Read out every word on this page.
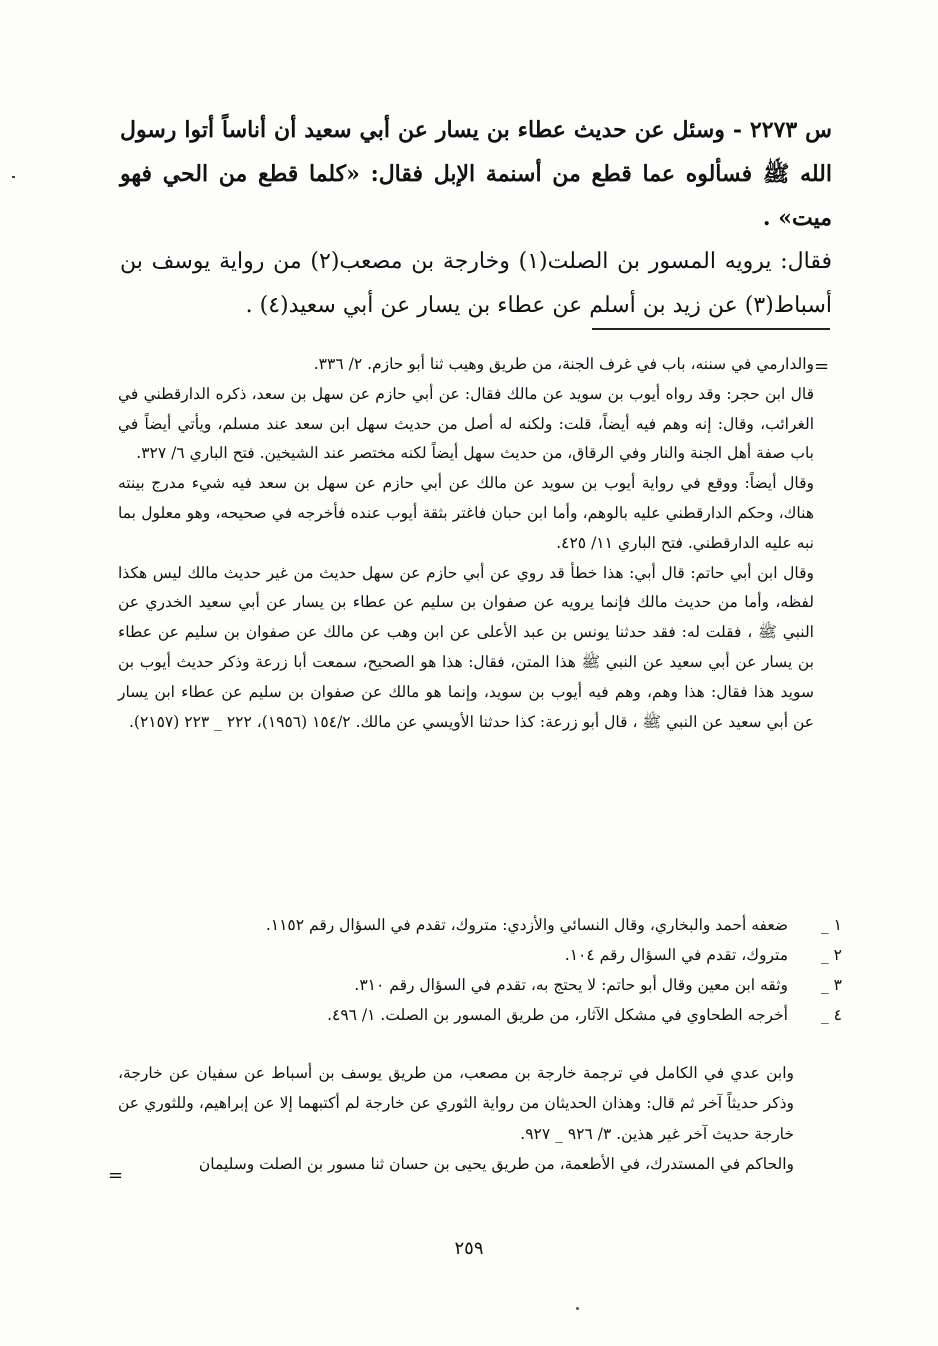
س ٢٢٧٣ - وسئل عن حديث عطاء بن يسار عن أبي سعيد أن أناساً أتوا رسول الله ﷺ فسألوه عما قطع من أسنمة الإبل فقال: «كلما قطع من الحي فهو ميت» .

فقال: يرويه المسور بن الصلت(١) وخارجة بن مصعب(٢) من رواية يوسف بن أسباط(٣) عن زيد بن أسلم عن عطاء بن يسار عن أبي سعيد(٤) .

=

والدارمي في سننه، باب في غرف الجنة، من طريق وهيب ثنا أبو حازم. ٢/ ٣٣٦.

قال ابن حجر: وقد رواه أيوب بن سويد عن مالك فقال: عن أبي حازم عن سهل بن سعد، ذكره الدارقطني في الغرائب، وقال: إنه وهم فيه أيضاً، قلت: ولكنه له أصل من حديث سهل ابن سعد عند مسلم، ويأتي أيضاً في باب صفة أهل الجنة والنار وفي الرقاق، من حديث سهل أيضاً لكنه مختصر عند الشيخين. فتح الباري ٦/ ٣٢٧.

وقال أيضاً: ووقع في رواية أيوب بن سويد عن مالك عن أبي حازم عن سهل بن سعد فيه شيء مدرج بينته هناك، وحكم الدارقطني عليه بالوهم، وأما ابن حبان فاغتر بثقة أيوب عنده فأخرجه في صحيحه، وهو معلول بما نبه عليه الدارقطني. فتح الباري ١١/ ٤٢٥.

وقال ابن أبي حاتم: قال أبي: هذا خطأ قد روي عن أبي حازم عن سهل حديث من غير حديث مالك ليس هكذا لفظه، وأما من حديث مالك فإنما يرويه عن صفوان بن سليم عن عطاء بن يسار عن أبي سعيد الخدري عن النبي ﷺ ، فقلت له: فقد حدثنا يونس بن عبد الأعلى عن ابن وهب عن مالك عن صفوان بن سليم عن عطاء بن يسار عن أبي سعيد عن النبي ﷺ هذا المتن، فقال: هذا هو الصحيح، سمعت أبا زرعة وذكر حديث أيوب بن سويد هذا فقال: هذا وهم، وهم فيه أيوب بن سويد، وإنما هو مالك عن صفوان بن سليم عن عطاء ابن يسار عن أبي سعيد عن النبي ﷺ ، قال أبو زرعة: كذا حدثنا الأويسي عن مالك. ١٥٤/٢ (١٩٥٦)، ٢٢٢ _ ٢٢٣ (٢١٥٧).

١ _
ضعفه أحمد والبخاري، وقال النسائي والأزدي: متروك، تقدم في السؤال رقم ١١٥٢.
٢ _
متروك، تقدم في السؤال رقم ١٠٤.
٣ _
وثقه ابن معين وقال أبو حاتم: لا يحتج به، تقدم في السؤال رقم ٣١٠.
٤ _
أخرجه الطحاوي في مشكل الآثار، من طريق المسور بن الصلت. ١/ ٤٩٦.

وابن عدي في الكامل في ترجمة خارجة بن مصعب، من طريق يوسف بن أسباط عن سفيان عن خارجة، وذكر حديثاً آخر ثم قال: وهذان الحديثان من رواية الثوري عن خارجة لم أكتبهما إلا عن إبراهيم، وللثوري عن خارجة حديث آخر غير هذين. ٣/ ٩٢٦ _ ٩٢٧.

والحاكم في المستدرك، في الأطعمة، من طريق يحيى بن حسان ثنا مسور بن الصلت وسليمان

=
٢٥٩
